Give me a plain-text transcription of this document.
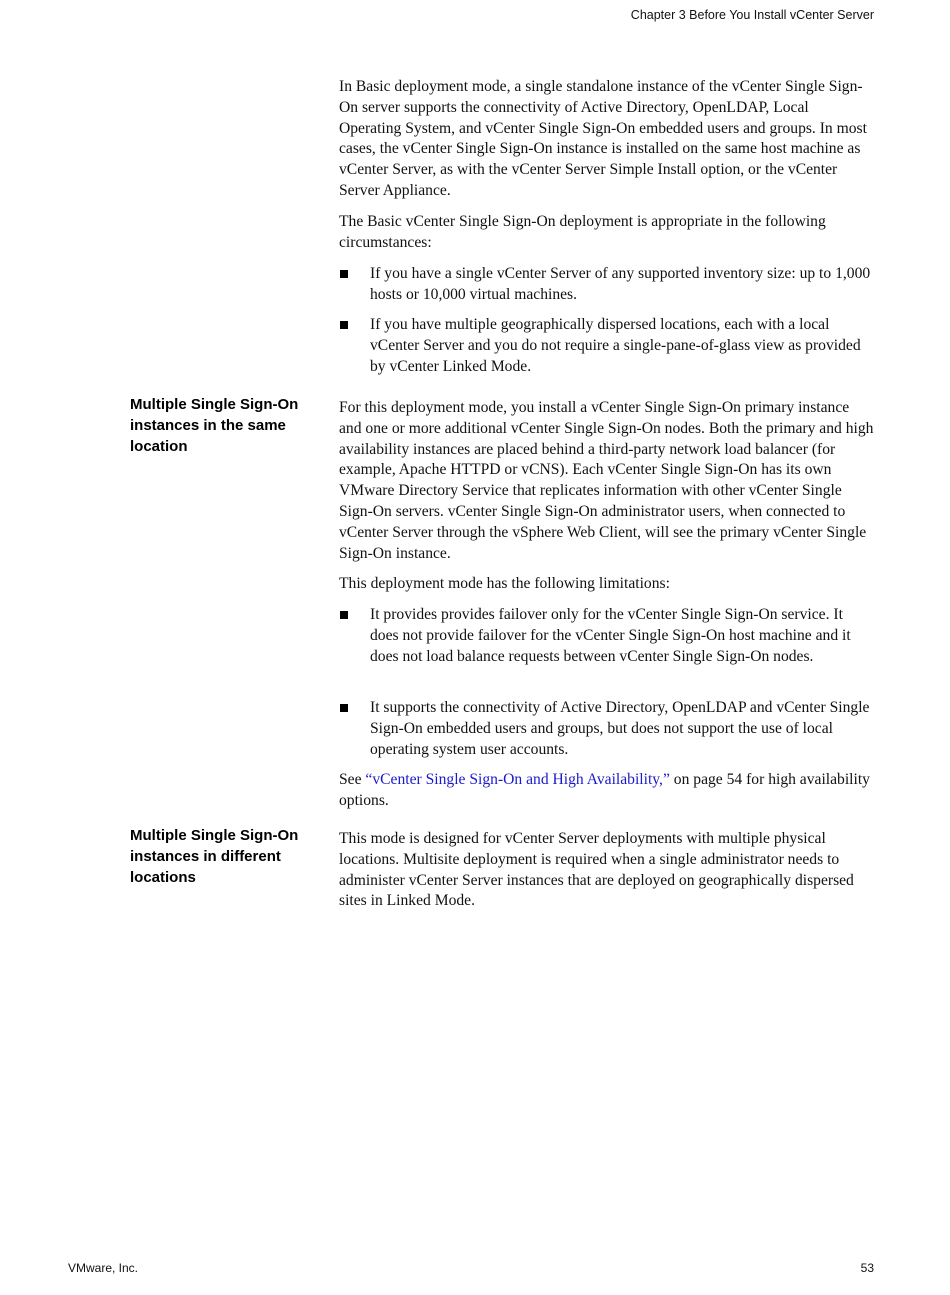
Chapter 3 Before You Install vCenter Server

In Basic deployment mode, a single standalone instance of the vCenter Single Sign-On server supports the connectivity of Active Directory, OpenLDAP, Local Operating System, and vCenter Single Sign-On embedded users and groups. In most cases, the vCenter Single Sign-On instance is installed on the same host machine as vCenter Server, as with the vCenter Server Simple Install option, or the vCenter Server Appliance.

The Basic vCenter Single Sign-On deployment is appropriate in the following circumstances:

If you have a single vCenter Server of any supported inventory size: up to 1,000 hosts or 10,000 virtual machines.
If you have multiple geographically dispersed locations, each with a local vCenter Server and you do not require a single-pane-of-glass view as provided by vCenter Linked Mode.
Multiple Single Sign-On instances in the same location

For this deployment mode, you install a vCenter Single Sign-On primary instance and one or more additional vCenter Single Sign-On nodes. Both the primary and high availability instances are placed behind a third-party network load balancer (for example, Apache HTTPD or vCNS). Each vCenter Single Sign-On has its own VMware Directory Service that replicates information with other vCenter Single Sign-On servers. vCenter Single Sign-On administrator users, when connected to vCenter Server through the vSphere Web Client, will see the primary vCenter Single Sign-On instance.

This deployment mode has the following limitations:

It provides provides failover only for the vCenter Single Sign-On service. It does not provide failover for the vCenter Single Sign-On host machine and it does not load balance requests between vCenter Single Sign-On nodes.
It supports the connectivity of Active Directory, OpenLDAP and vCenter Single Sign-On embedded users and groups, but does not support the use of local operating system user accounts.

See “vCenter Single Sign-On and High Availability,” on page 54 for high availability options.

Multiple Single Sign-On instances in different locations

This mode is designed for vCenter Server deployments with multiple physical locations. Multisite deployment is required when a single administrator needs to administer vCenter Server instances that are deployed on geographically dispersed sites in Linked Mode.

VMware, Inc.	53
